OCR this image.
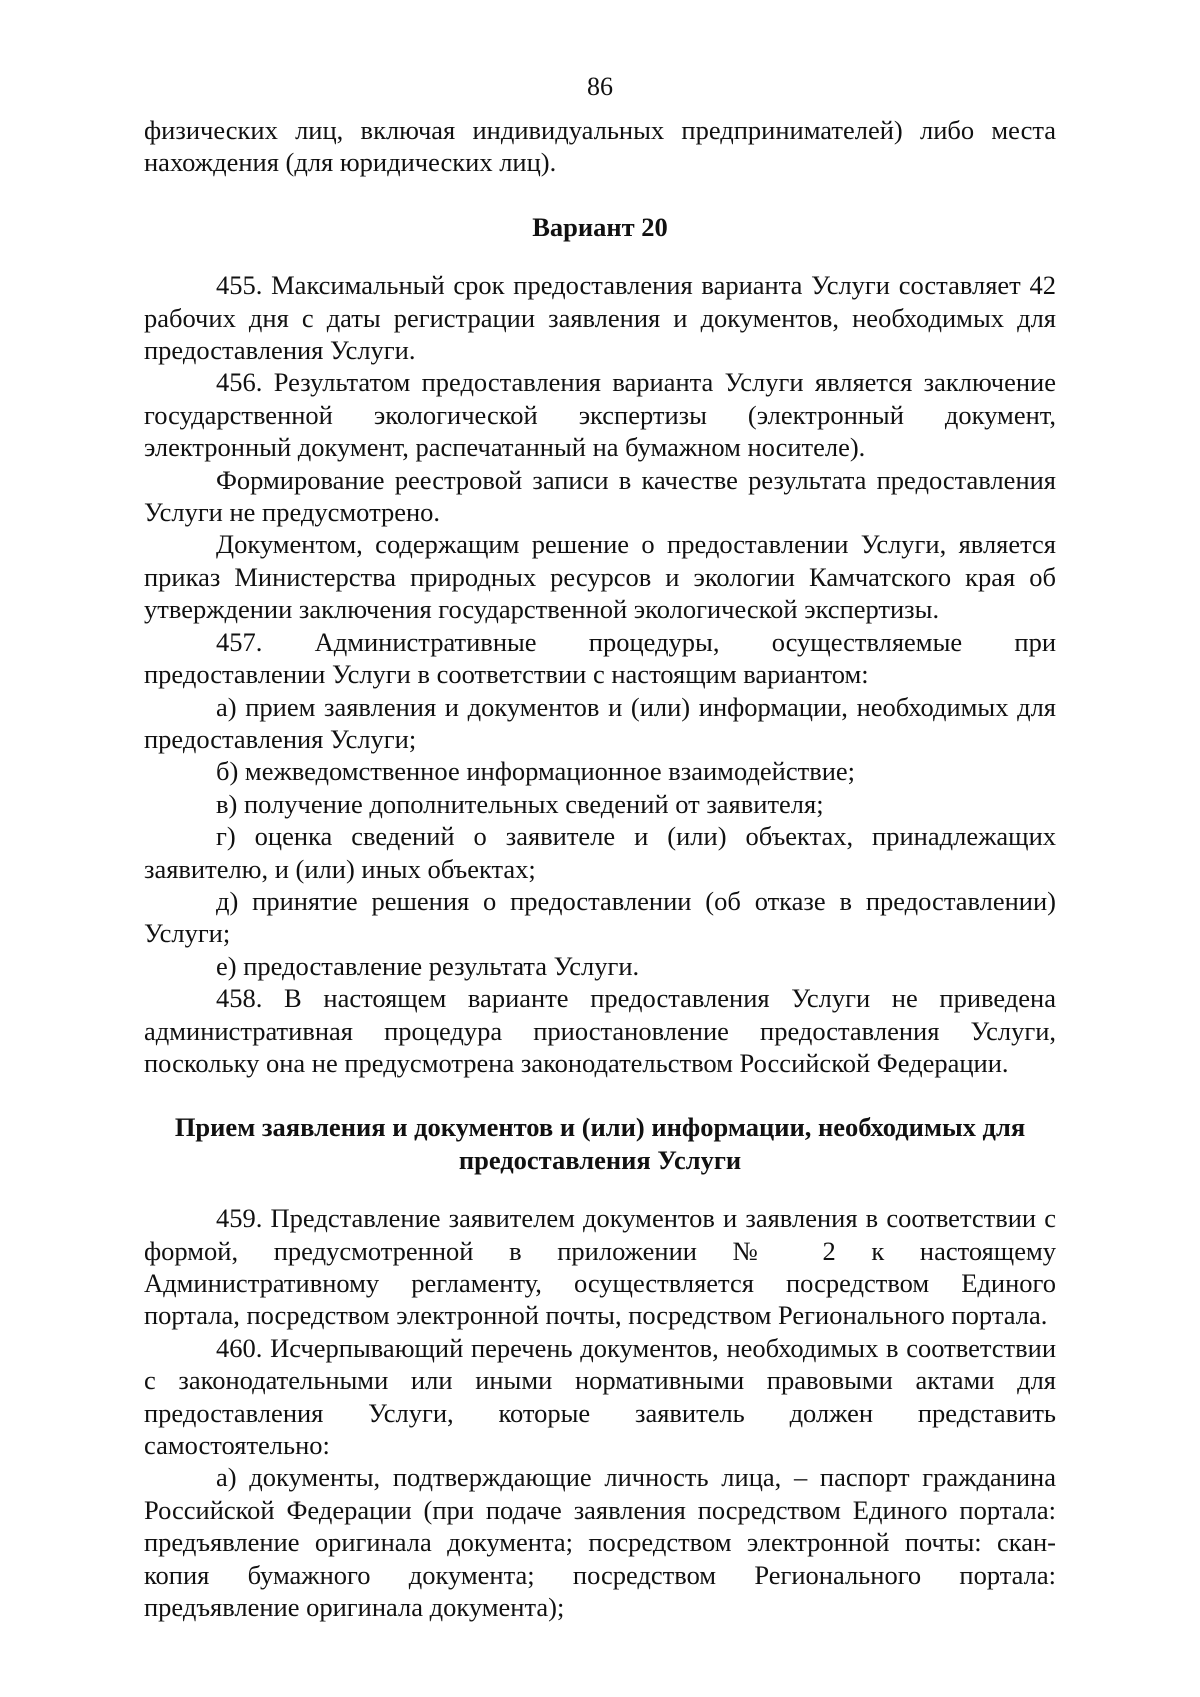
86

физических лиц, включая индивидуальных предпринимателей) либо места нахождения (для юридических лиц).

Вариант 20

455. Максимальный срок предоставления варианта Услуги составляет 42 рабочих дня с даты регистрации заявления и документов, необходимых для предоставления Услуги.

456. Результатом предоставления варианта Услуги является заключение государственной экологической экспертизы (электронный документ, электронный документ, распечатанный на бумажном носителе).

Формирование реестровой записи в качестве результата предоставления Услуги не предусмотрено.

Документом, содержащим решение о предоставлении Услуги, является приказ Министерства природных ресурсов и экологии Камчатского края об утверждении заключения государственной экологической экспертизы.

457. Административные процедуры, осуществляемые при предоставлении Услуги в соответствии с настоящим вариантом:

а) прием заявления и документов и (или) информации, необходимых для предоставления Услуги;

б) межведомственное информационное взаимодействие;

в) получение дополнительных сведений от заявителя;

г) оценка сведений о заявителе и (или) объектах, принадлежащих заявителю, и (или) иных объектах;

д) принятие решения о предоставлении (об отказе в предоставлении) Услуги;

е) предоставление результата Услуги.

458. В настоящем варианте предоставления Услуги не приведена административная процедура приостановление предоставления Услуги, поскольку она не предусмотрена законодательством Российской Федерации.

Прием заявления и документов и (или) информации, необходимых для

предоставления Услуги

459. Представление заявителем документов и заявления в соответствии с формой, предусмотренной в приложении № 2 к настоящему Административному регламенту, осуществляется посредством Единого портала, посредством электронной почты, посредством Регионального портала.

460. Исчерпывающий перечень документов, необходимых в соответствии с законодательными или иными нормативными правовыми актами для предоставления Услуги, которые заявитель должен представить самостоятельно:

а) документы, подтверждающие личность лица, – паспорт гражданина Российской Федерации (при подаче заявления посредством Единого портала: предъявление оригинала документа; посредством электронной почты: скан-копия бумажного документа; посредством Регионального портала: предъявление оригинала документа);
